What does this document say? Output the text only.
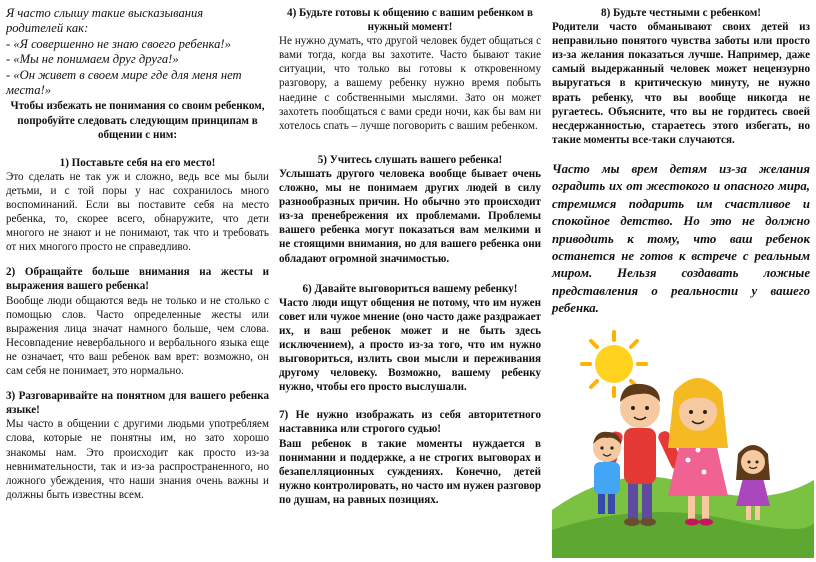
Я часто слышу такие высказывания

родителей как:

- «Я совершенно не знаю своего ребенка!»

- «Мы не понимаем друг друга!»

- «Он живет в своем мире где для меня нет

места!»

Чтобы избежать не понимания со своим ребенком, попробуйте следовать следующим принципам в общении с ним:

1) Поставьте себя на его место!

Это сделать не так уж и сложно, ведь все мы были детьми, и с той поры у нас сохранилось много воспоминаний. Если вы поставите себя на место ребенка, то, скорее всего, обнаружите, что дети многого не знают и не понимают, так что и требовать от них многого просто не справедливо.

2) Обращайте больше внимания на жесты и выражения вашего ребенка!

Вообще люди общаются ведь не только и не столько с помощью слов. Часто определенные жесты или выражения лица значат намного больше, чем слова. Несовпадение невербального и вербального языка еще не означает, что ваш ребенок вам врет: возможно, он сам себя не понимает, это нормально.

3) Разговаривайте на понятном для вашего ребенка языке!

Мы часто в общении с другими людьми употребляем слова, которые не понятны им, но зато хорошо знакомы нам. Это происходит как просто из-за невнимательности, так и из-за распространенного, но ложного убеждения, что наши знания очень важны и должны быть известны всем.

4) Будьте готовы к общению с вашим ребенком в нужный момент!

Не нужно думать, что другой человек будет общаться с вами тогда, когда вы захотите. Часто бывают такие ситуации, что только вы готовы к откровенному разговору, а вашему ребенку нужно время побыть наедине с собственными мыслями. Зато он может захотеть пообщаться с вами среди ночи, как бы вам ни хотелось спать – лучше поговорить с вашим ребенком.

5) Учитесь слушать вашего ребенка!

Услышать другого человека вообще бывает очень сложно, мы не понимаем других людей в силу разнообразных причин. Но обычно это происходит из-за пренебрежения их проблемами. Проблемы вашего ребенка могут показаться вам мелкими и не стоящими внимания, но для вашего ребенка они обладают огромной значимостью.

6) Давайте выговориться вашему ребенку!

Часто люди ищут общения не потому, что им нужен совет или чужое мнение (оно часто даже раздражает их, и ваш ребенок может и не быть здесь исключением), а просто из-за того, что им нужно выговориться, излить свои мысли и переживания другому человеку. Возможно, вашему ребенку нужно, чтобы его просто выслушали.

7) Не нужно изображать из себя авторитетного наставника или строгого судью!

Ваш ребенок в такие моменты нуждается в понимании и поддержке, а не строгих выговорах и безапелляционных суждениях. Конечно, детей нужно контролировать, но часто им нужен разговор по душам, на равных позициях.

8) Будьте честными с ребенком!

Родители часто обманывают своих детей из неправильно понятого чувства заботы или просто из-за желания показаться лучше. Например, даже самый выдержанный человек может нецензурно выругаться в критическую минуту, не нужно врать ребенку, что вы вообще никогда не ругаетесь. Объясните, что вы не гордитесь своей несдержанностью, стараетесь этого избегать, но такие моменты все-таки случаются.

Часто мы врем детям из-за желания оградить их от жестокого и опасного мира, стремимся подарить им счастливое и спокойное детство. Но это не должно приводить к тому, что ваш ребенок останется не готов к встрече с реальным миром. Нельзя создавать ложные представления о реальности у вашего ребенка.
